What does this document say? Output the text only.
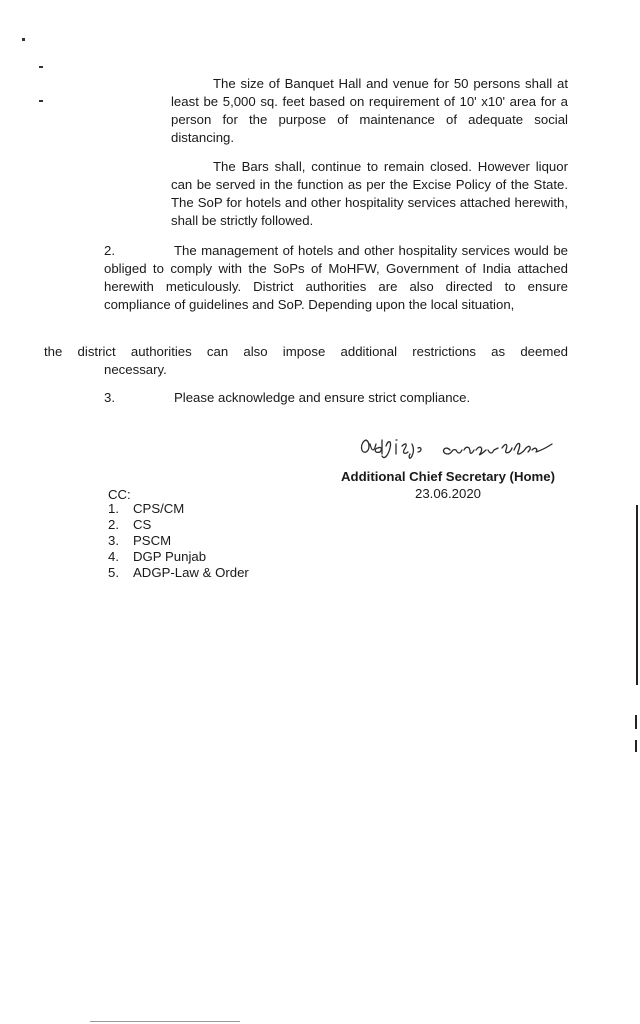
The size of Banquet Hall and venue for 50 persons shall at least be 5,000 sq. feet based on requirement of 10' x10' area for a person for the purpose of maintenance of adequate social distancing.

The Bars shall, continue to remain closed. However liquor can be served in the function as per the Excise Policy of the State. The SoP for hotels and other hospitality services attached herewith, shall be strictly followed.

2.	The management of hotels and other hospitality services would be obliged to comply with the SoPs of MoHFW, Government of India attached herewith meticulously. District authorities are also directed to ensure compliance of guidelines and SoP. Depending upon the local situation,

the district authorities can also impose additional restrictions as deemed

necessary.

3.	Please acknowledge and ensure strict compliance.

Additional Chief Secretary (Home)

23.06.2020

CC:

1. CPS/CM
2. CS
3. PSCM
4. DGP Punjab
5. ADGP-Law & Order
